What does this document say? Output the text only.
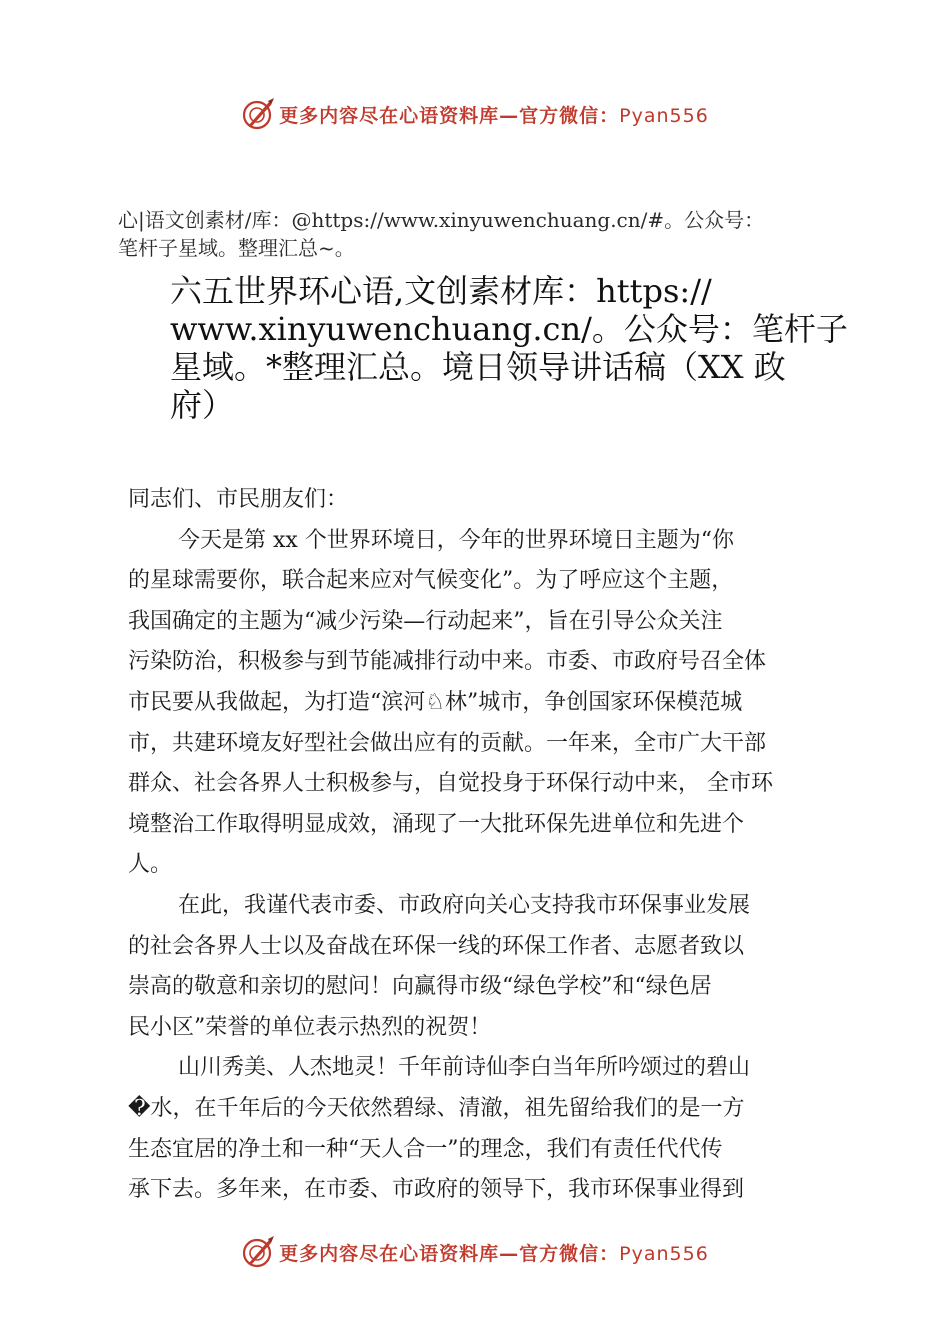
更多内容尽在心语资料库—官方微信：Pyan556
心|语文创素材/库：@https://www.xinyuwenchuang.cn/#。公众号：
笔杆子星域。整理汇总~。
六五世界环心语,文创素材库：https://
www.xinyuwenchuang.cn/。公众号：笔杆子
星域。*整理汇总。境日领导讲话稿（XX 政
府）
同志们、市民朋友们：
今天是第 xx 个世界环境日，今年的世界环境日主题为“你
的星球需要你，联合起来应对气候变化”。为了呼应这个主题，
我国确定的主题为“减少污染—行动起来”，旨在引导公众关注
污染防治，积极参与到节能减排行动中来。市委、市政府号召全体
市民要从我做起，为打造“滨河♘林”城市，争创国家环保模范城
市，共建环境友好型社会做出应有的贡献。一年来，全市广大干部
群众、社会各界人士积极参与，自觉投身于环保行动中来， 全市环
境整治工作取得明显成效，涌现了一大批环保先进单位和先进个
人。
在此，我谨代表市委、市政府向关心支持我市环保事业发展
的社会各界人士以及奋战在环保一线的环保工作者、志愿者致以
崇高的敬意和亲切的慰问！向赢得市级“绿色学校”和“绿色居
民小区”荣誉的单位表示热烈的祝贺！
山川秀美、人杰地灵！千年前诗仙李白当年所吟颂过的碧山
�水，在千年后的今天依然碧绿、清澈，祖先留给我们的是一方
生态宜居的净土和一种“天人合一”的理念，我们有责任代代传
承下去。多年来，在市委、市政府的领导下，我市环保事业得到
更多内容尽在心语资料库—官方微信：Pyan556
